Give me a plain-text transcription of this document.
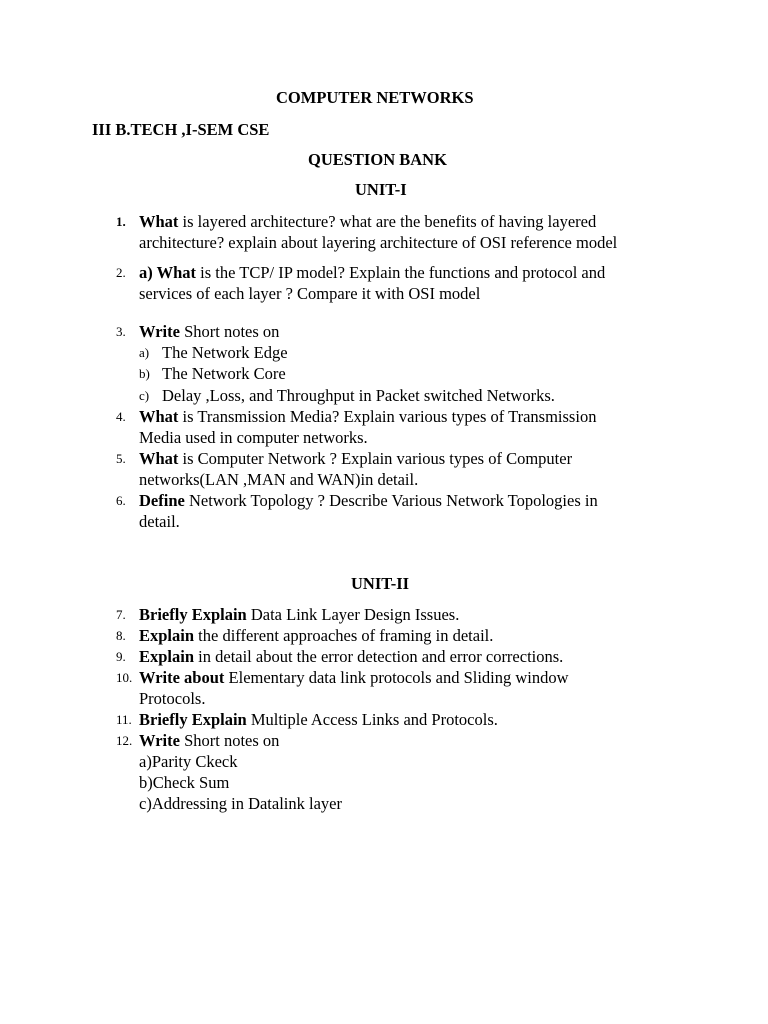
COMPUTER NETWORKS
III B.TECH ,I-SEM CSE
QUESTION BANK
UNIT-I
1. What is layered architecture? what are the benefits of having layered
architecture? explain about layering architecture of OSI reference model
2. a) What is the TCP/ IP model? Explain the functions and protocol and
services of each layer ? Compare it with OSI model
3. Write Short notes on
a) The Network Edge
b) The Network Core
c) Delay ,Loss, and Throughput in Packet switched Networks.
4. What is Transmission Media? Explain various types of Transmission
Media used in computer networks.
5. What is Computer Network ? Explain various types of Computer
networks(LAN ,MAN and WAN)in detail.
6. Define Network Topology ? Describe Various Network Topologies in
detail.
UNIT-II
7. Briefly Explain Data Link Layer Design Issues.
8. Explain the different approaches of framing in detail.
9. Explain in detail about the error detection and error corrections.
10. Write about Elementary data link protocols and Sliding window
Protocols.
11. Briefly Explain Multiple Access Links and Protocols.
12. Write Short notes on
a)Parity Ckeck
b)Check Sum
c)Addressing in Datalink layer
